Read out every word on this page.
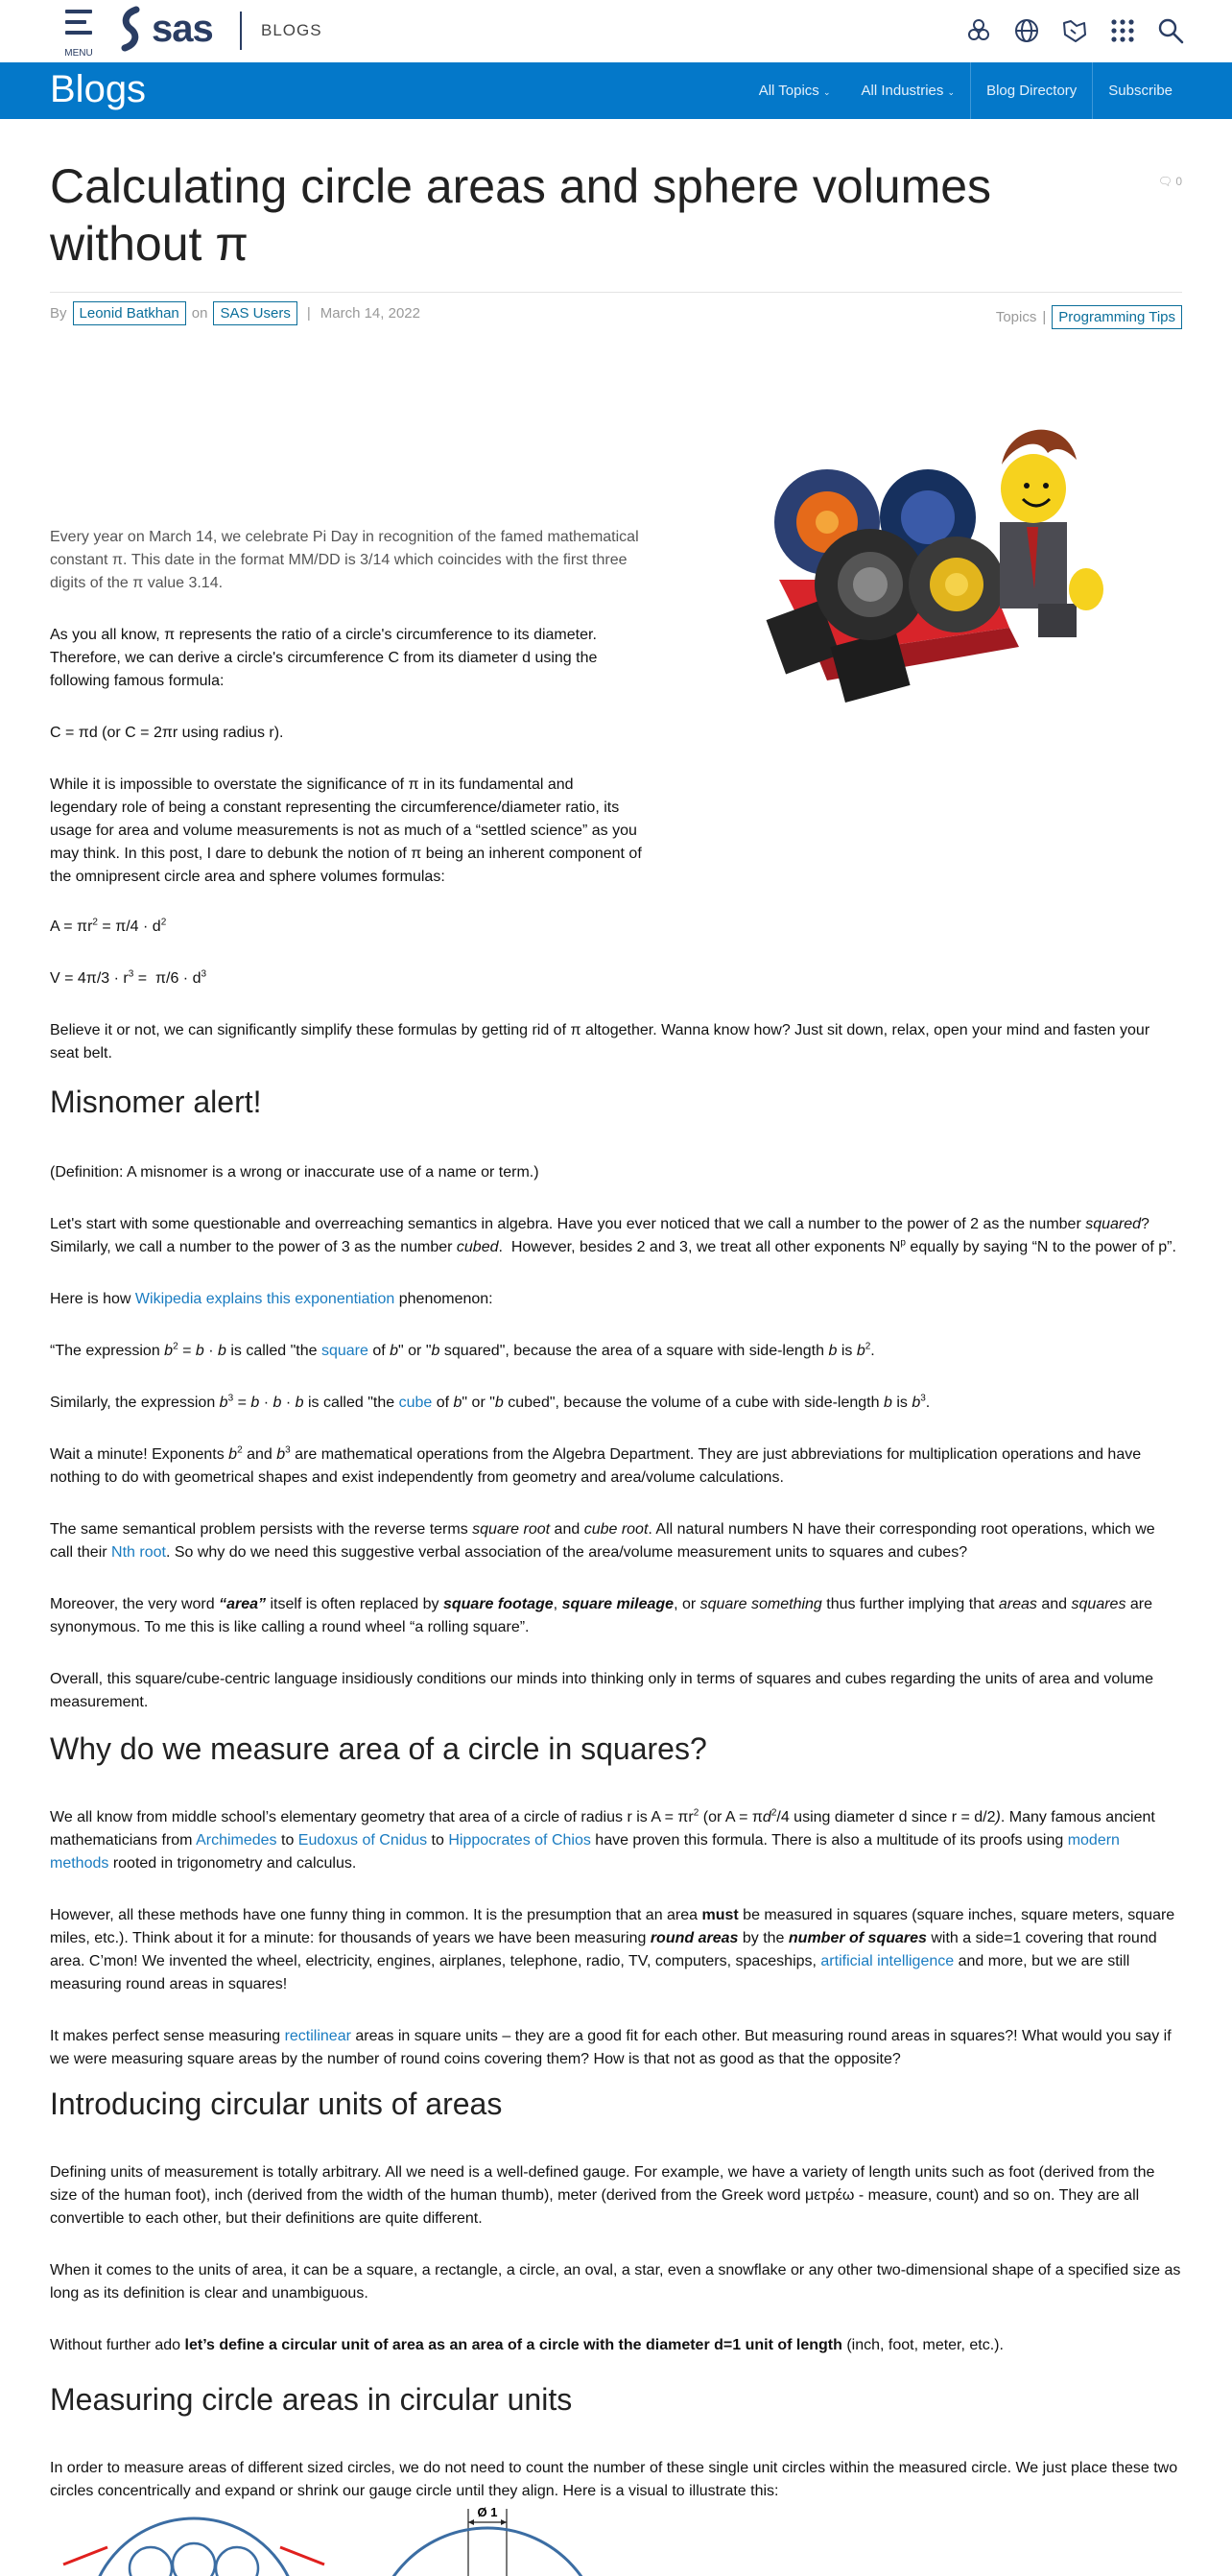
MENU
sas	BLOGS
Blogs	All Topics ⌄	All Industries ⌄	Blog Directory	Subscribe
Calculating circle areas and sphere volumes without π
🗨 0
By Leonid Batkhan on SAS Users	| March 14, 2022	Topics | Programming Tips
Every year on March 14, we celebrate Pi Day in recognition of the famed mathematical constant π. This date in the format MM/DD is 3/14 which coincides with the first three digits of the π value 3.14.
As you all know, π represents the ratio of a circle's circumference to its diameter. Therefore, we can derive a circle's circumference C from its diameter d using the following famous formula:
C = πd (or C = 2πr using radius r).
While it is impossible to overstate the significance of π in its fundamental and legendary role of being a constant representing the circumference/diameter ratio, its usage for area and volume measurements is not as much of a “settled science” as you may think. In this post, I dare to debunk the notion of π being an inherent component of the omnipresent circle area and sphere volumes formulas:
$A = \pi r^2 = \pi/4 \cdot d^2$
$V = 4\pi/3 \cdot r^3 = \pi/6 \cdot d^3$
Believe it or not, we can significantly simplify these formulas by getting rid of π altogether. Wanna know how? Just sit down, relax, open your mind and fasten your seat belt.
Misnomer alert!
(Definition: A misnomer is a wrong or inaccurate use of a name or term.)
Let's start with some questionable and overreaching semantics in algebra. Have you ever noticed that we call a number to the power of 2 as the number squared? Similarly, we call a number to the power of 3 as the number cubed.  However, besides 2 and 3, we treat all other exponents $N^p$ equally by saying “N to the power of p”.
Here is how Wikipedia explains this exponentiation phenomenon:
“The expression $b^2 = b \cdot b$ is called "the square of b" or "b squared", because the area of a square with side-length b is $b^2$.
Similarly, the expression $b^3 = b \cdot b \cdot b$ is called "the cube of b" or "b cubed", because the volume of a cube with side-length b is $b^3$.
Wait a minute! Exponents $b^2$ and $b^3$ are mathematical operations from the Algebra Department. They are just abbreviations for multiplication operations and have nothing to do with geometrical shapes and exist independently from geometry and area/volume calculations.
The same semantical problem persists with the reverse terms square root and cube root. All natural numbers N have their corresponding root operations, which we call their Nth root. So why do we need this suggestive verbal association of the area/volume measurement units to squares and cubes?
Moreover, the very word “area” itself is often replaced by square footage, square mileage, or square something thus further implying that areas and squares are synonymous. To me this is like calling a round wheel “a rolling square”.
Overall, this square/cube-centric language insidiously conditions our minds into thinking only in terms of squares and cubes regarding the units of area and volume measurement.
Why do we measure area of a circle in squares?
We all know from middle school’s elementary geometry that area of a circle of radius r is $A = \pi r^2$ (or $A = \pi d^2/4$ using diameter d since r = d/2). Many famous ancient mathematicians from Archimedes to Eudoxus of Cnidus to Hippocrates of Chios have proven this formula. There is also a multitude of its proofs using modern methods rooted in trigonometry and calculus.
However, all these methods have one funny thing in common. It is the presumption that an area must be measured in squares (square inches, square meters, square miles, etc.). Think about it for a minute: for thousands of years we have been measuring round areas by the number of squares with a side=1 covering that round area. C’mon! We invented the wheel, electricity, engines, airplanes, telephone, radio, TV, computers, spaceships, artificial intelligence and more, but we are still measuring round areas in squares!
It makes perfect sense measuring rectilinear areas in square units – they are a good fit for each other. But measuring round areas in squares?! What would you say if we were measuring square areas by the number of round coins covering them? How is that not as good as that the opposite?
Introducing circular units of areas
Defining units of measurement is totally arbitrary. All we need is a well-defined gauge. For example, we have a variety of length units such as foot (derived from the size of the human foot), inch (derived from the width of the human thumb), meter (derived from the Greek word μετρέω - measure, count) and so on. They are all convertible to each other, but their definitions are quite different.
When it comes to the units of area, it can be a square, a rectangle, a circle, an oval, a star, even a snowflake or any other two-dimensional shape of a specified size as long as its definition is clear and unambiguous.
Without further ado let’s define a circular unit of area as an area of a circle with the diameter d=1 unit of length (inch, foot, meter, etc.).
Measuring circle areas in circular units
In order to measure areas of different sized circles, we do not need to count the number of these single unit circles within the measured circle. We just place these two circles concentrically and expand or shrink our gauge circle until they align. Here is a visual to illustrate this:
Ø 1
